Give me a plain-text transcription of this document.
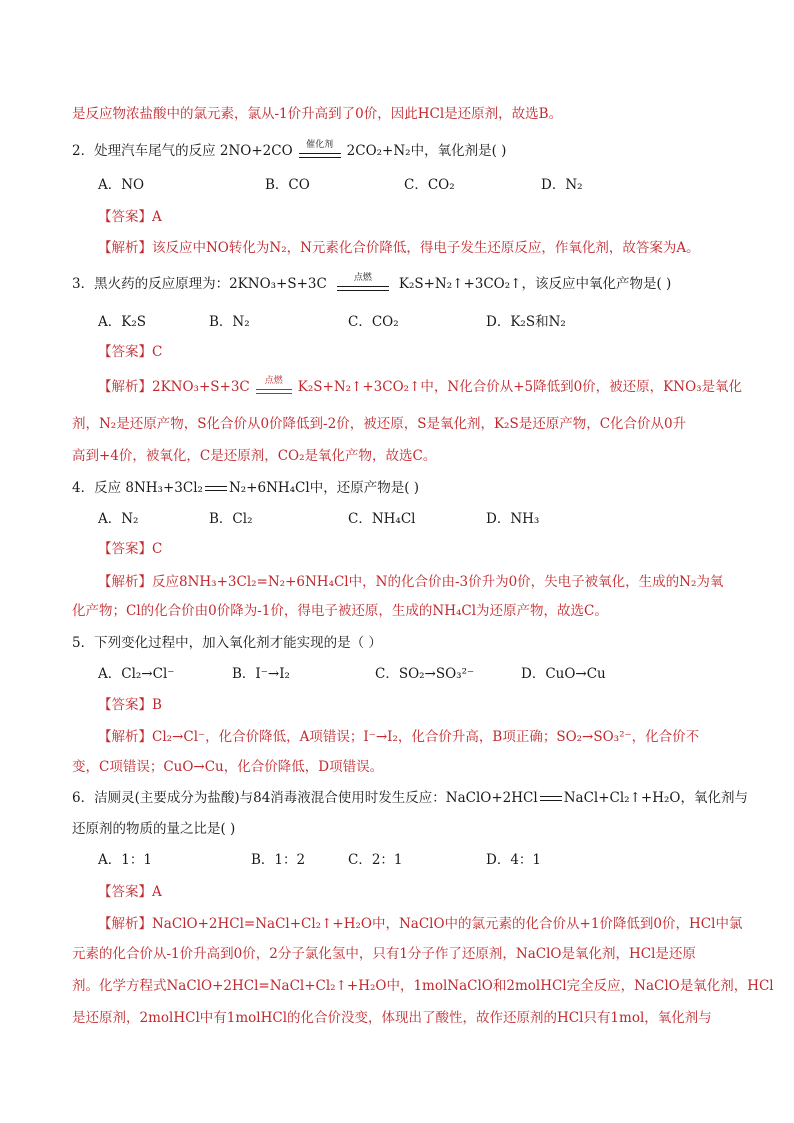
是反应物浓盐酸中的氯元素，氯从-1价升高到了0价，因此HCl是还原剂，故选B。
2．处理汽车尾气的反应 2NO+2CO	催化剂	2CO₂+N₂中，氧化剂是( )
A．NO	B．CO	C．CO₂	D．N₂
【答案】A
【解析】该反应中NO转化为N₂，N元素化合价降低，得电子发生还原反应，作氧化剂，故答案为A。
3．黑火药的反应原理为：2KNO₃+S+3C	点燃	K₂S+N₂↑+3CO₂↑，该反应中氧化产物是( )
A．K₂S	B．N₂	C．CO₂	D．K₂S和N₂
【答案】C
【解析】2KNO₃+S+3C	点燃	K₂S+N₂↑+3CO₂↑中，N化合价从+5降低到0价，被还原，KNO₃是氧化
剂，N₂是还原产物，S化合价从0价降低到-2价，被还原，S是氧化剂，K₂S是还原产物，C化合价从0升
高到+4价，被氧化，C是还原剂，CO₂是氧化产物，故选C。
4．反应 8NH₃+3Cl₂ N₂+6NH₄Cl中，还原产物是( )
A．N₂	B．Cl₂	C．NH₄Cl	D．NH₃
【答案】C
【解析】反应8NH₃+3Cl₂=N₂+6NH₄Cl中，N的化合价由-3价升为0价，失电子被氧化，生成的N₂为氧
化产物；Cl的化合价由0价降为-1价，得电子被还原，生成的NH₄Cl为还原产物，故选C。
5．下列变化过程中，加入氧化剂才能实现的是（ ）
A．Cl₂→Cl⁻	B．I⁻→I₂	C．SO₂→SO₃²⁻	D．CuO→Cu
【答案】B
【解析】Cl₂→Cl⁻，化合价降低，A项错误；I⁻→I₂，化合价升高，B项正确；SO₂→SO₃²⁻，化合价不
变，C项错误；CuO→Cu，化合价降低，D项错误。
6．洁厕灵(主要成分为盐酸)与84消毒液混合使用时发生反应：NaClO+2HCl NaCl+Cl₂↑+H₂O，氧化剂与
还原剂的物质的量之比是( )
A．1：1	B．1：2	C．2：1	D．4：1
【答案】A
【解析】NaClO+2HCl=NaCl+Cl₂↑+H₂O中，NaClO中的氯元素的化合价从+1价降低到0价，HCl中氯
元素的化合价从-1价升高到0价，2分子氯化氢中，只有1分子作了还原剂，NaClO是氧化剂，HCl是还原
剂。化学方程式NaClO+2HCl=NaCl+Cl₂↑+H₂O中，1molNaClO和2molHCl完全反应，NaClO是氧化剂，HCl
是还原剂，2molHCl中有1molHCl的化合价没变，体现出了酸性，故作还原剂的HCl只有1mol，氧化剂与
